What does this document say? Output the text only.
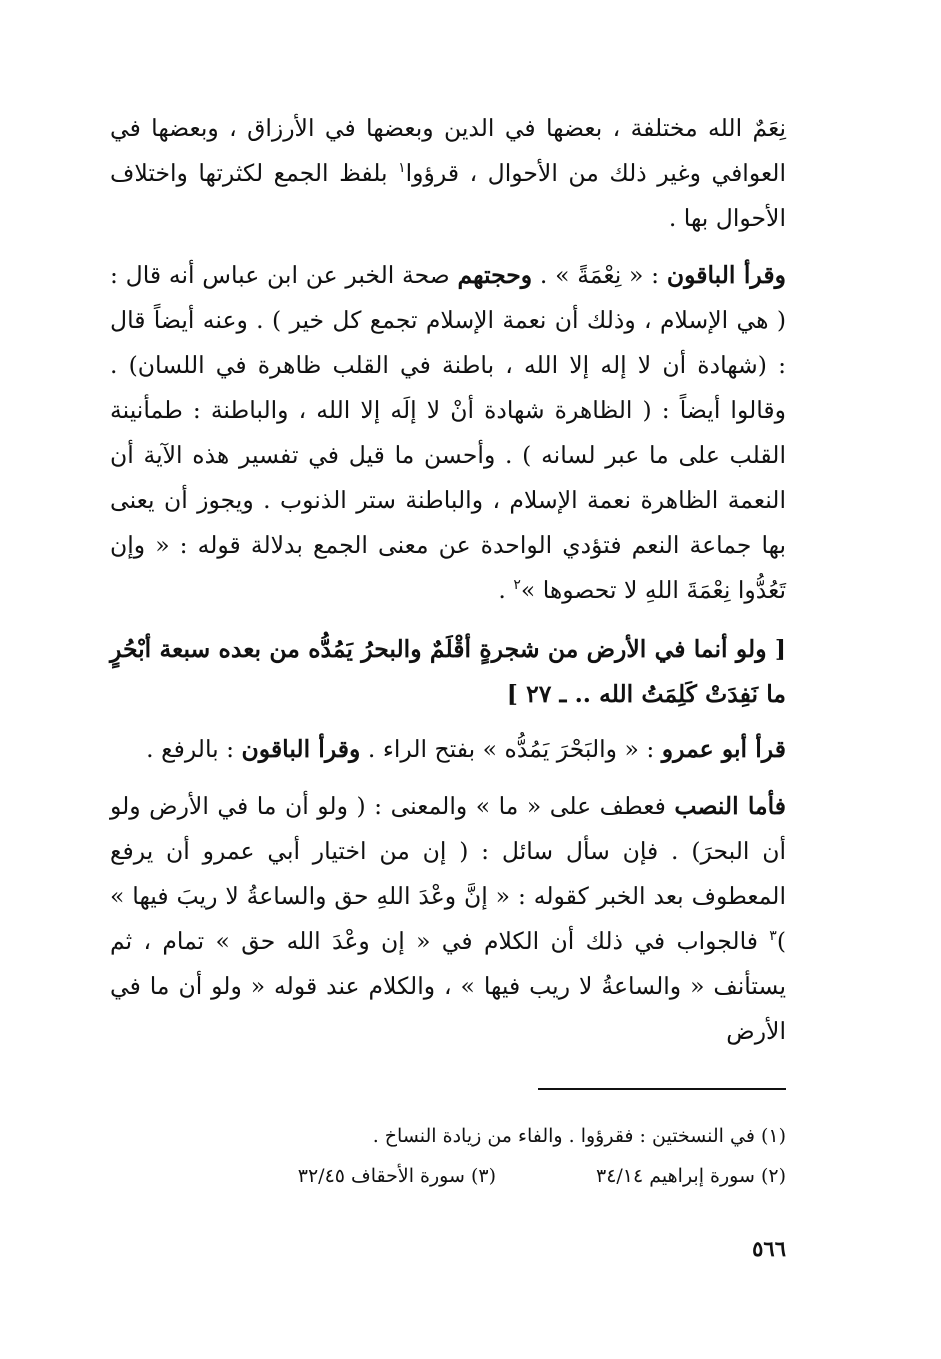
نِعَمٌ الله مختلفة ، بعضها في الدين وبعضها في الأرزاق ، وبعضها في العوافي وغير ذلك من الأحوال ، قرؤوا$^١$ بلفظ الجمع لكثرتها واختلاف الأحوال بها .

وقرأ الباقون : « نِعْمَةً » . وحجتهم صحة الخبر عن ابن عباس أنه قال : ( هي الإسلام ، وذلك أن نعمة الإسلام تجمع كل خير ) . وعنه أيضاً قال : (شهادة أن لا إله إلا الله ، باطنة في القلب ظاهرة في اللسان) . وقالوا أيضاً : ( الظاهرة شهادة أنْ لا إلَه إلا الله ، والباطنة : طمأنينة القلب على ما عبر لسانه ) . وأحسن ما قيل في تفسير هذه الآية أن النعمة الظاهرة نعمة الإسلام ، والباطنة ستر الذنوب . ويجوز أن يعنى بها جماعة النعم فتؤدي الواحدة عن معنى الجمع بدلالة قوله : « وإن تَعُدُّوا نِعْمَةَ اللهِ لا تحصوها »$^٢$ .

[ ولو أنما في الأرض من شجرةٍ أقْلَمٌ والبحرُ يَمُدُّه من بعده سبعة أبْحُرٍ ما نَفِدَتْ كَلِمَتُ الله .. ـ ٢٧ ]

قرأ أبو عمرو : « والبَحْرَ يَمُدُّه » بفتح الراء . وقرأ الباقون : بالرفع .

فأما النصب فعطف على « ما » والمعنى : ( ولو أن ما في الأرض ولو أن البحرَ) . فإن سأل سائل : ( إن من اختيار أبي عمرو أن يرفع المعطوف بعد الخبر كقوله : « إنَّ وعْدَ اللهِ حق والساعةُ لا ريبَ فيها » )$^٣$ فالجواب في ذلك أن الكلام في « إن وعْدَ الله حق » تمام ، ثم يستأنف « والساعةُ لا ريب فيها » ، والكلام عند قوله « ولو أن ما في الأرض

(١) في النسختين : فقرؤوا . والفاء من زيادة النساخ .
(٢) سورة إبراهيم ٣٤/١٤
(٣) سورة الأحقاف ٣٢/٤٥
٥٦٦
